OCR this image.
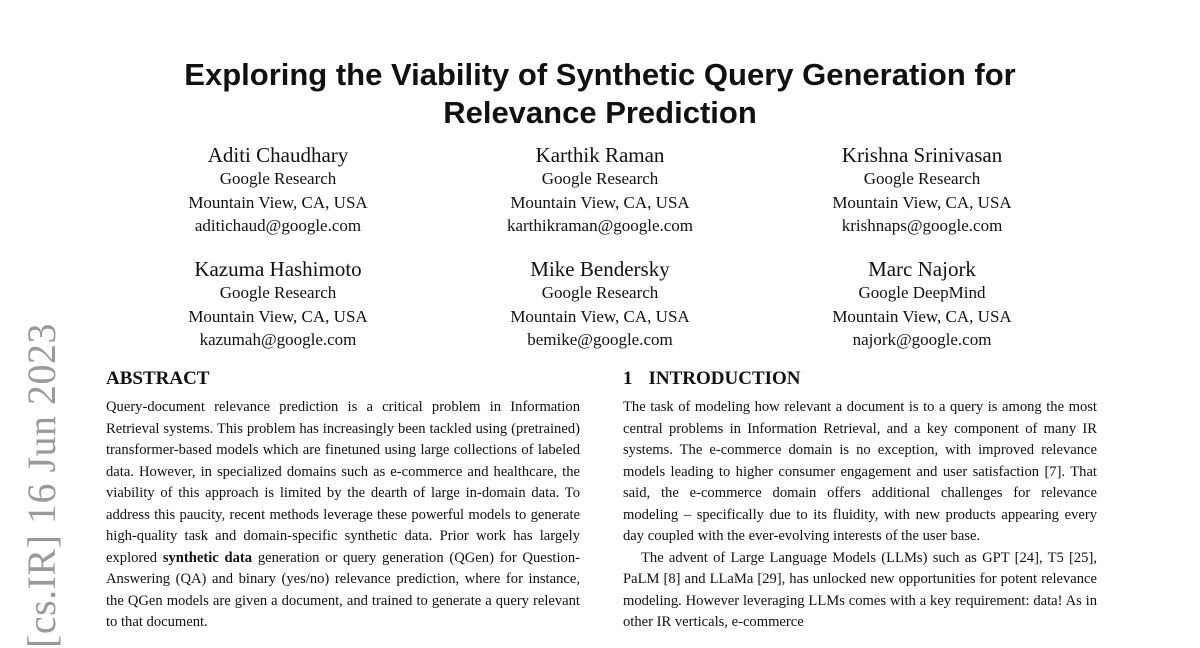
Exploring the Viability of Synthetic Query Generation for
Relevance Prediction
Aditi Chaudhary
Google Research
Mountain View, CA, USA
aditichaud@google.com
Karthik Raman
Google Research
Mountain View, CA, USA
karthikraman@google.com
Krishna Srinivasan
Google Research
Mountain View, CA, USA
krishnaps@google.com
Kazuma Hashimoto
Google Research
Mountain View, CA, USA
kazumah@google.com
Mike Bendersky
Google Research
Mountain View, CA, USA
bemike@google.com
Marc Najork
Google DeepMind
Mountain View, CA, USA
najork@google.com
[cs.IR] 16 Jun 2023 ABSTRACT

Query-document relevance prediction is a critical problem in Information Retrieval systems. This problem has increasingly been tackled using (pretrained) transformer-based models which are finetuned using large collections of labeled data. However, in specialized domains such as e-commerce and healthcare, the viability of this approach is limited by the dearth of large in-domain data. To address this paucity, recent methods leverage these powerful models to generate high-quality task and domain-specific synthetic data. Prior work has largely explored synthetic data generation or query generation (QGen) for Question-Answering (QA) and binary (yes/no) relevance prediction, where for instance, the QGen models are given a document, and trained to generate a query relevant to that document.

1 INTRODUCTION

The task of modeling how relevant a document is to a query is among the most central problems in Information Retrieval, and a key component of many IR systems. The e-commerce domain is no exception, with improved relevance models leading to higher consumer engagement and user satisfaction [7]. That said, the e-commerce domain offers additional challenges for relevance modeling – specifically due to its fluidity, with new products appearing every day coupled with the ever-evolving interests of the user base.

The advent of Large Language Models (LLMs) such as GPT [24], T5 [25], PaLM [8] and LLaMa [29], has unlocked new opportunities for potent relevance modeling. However leveraging LLMs comes with a key requirement: data! As in other IR verticals, e-commerce
